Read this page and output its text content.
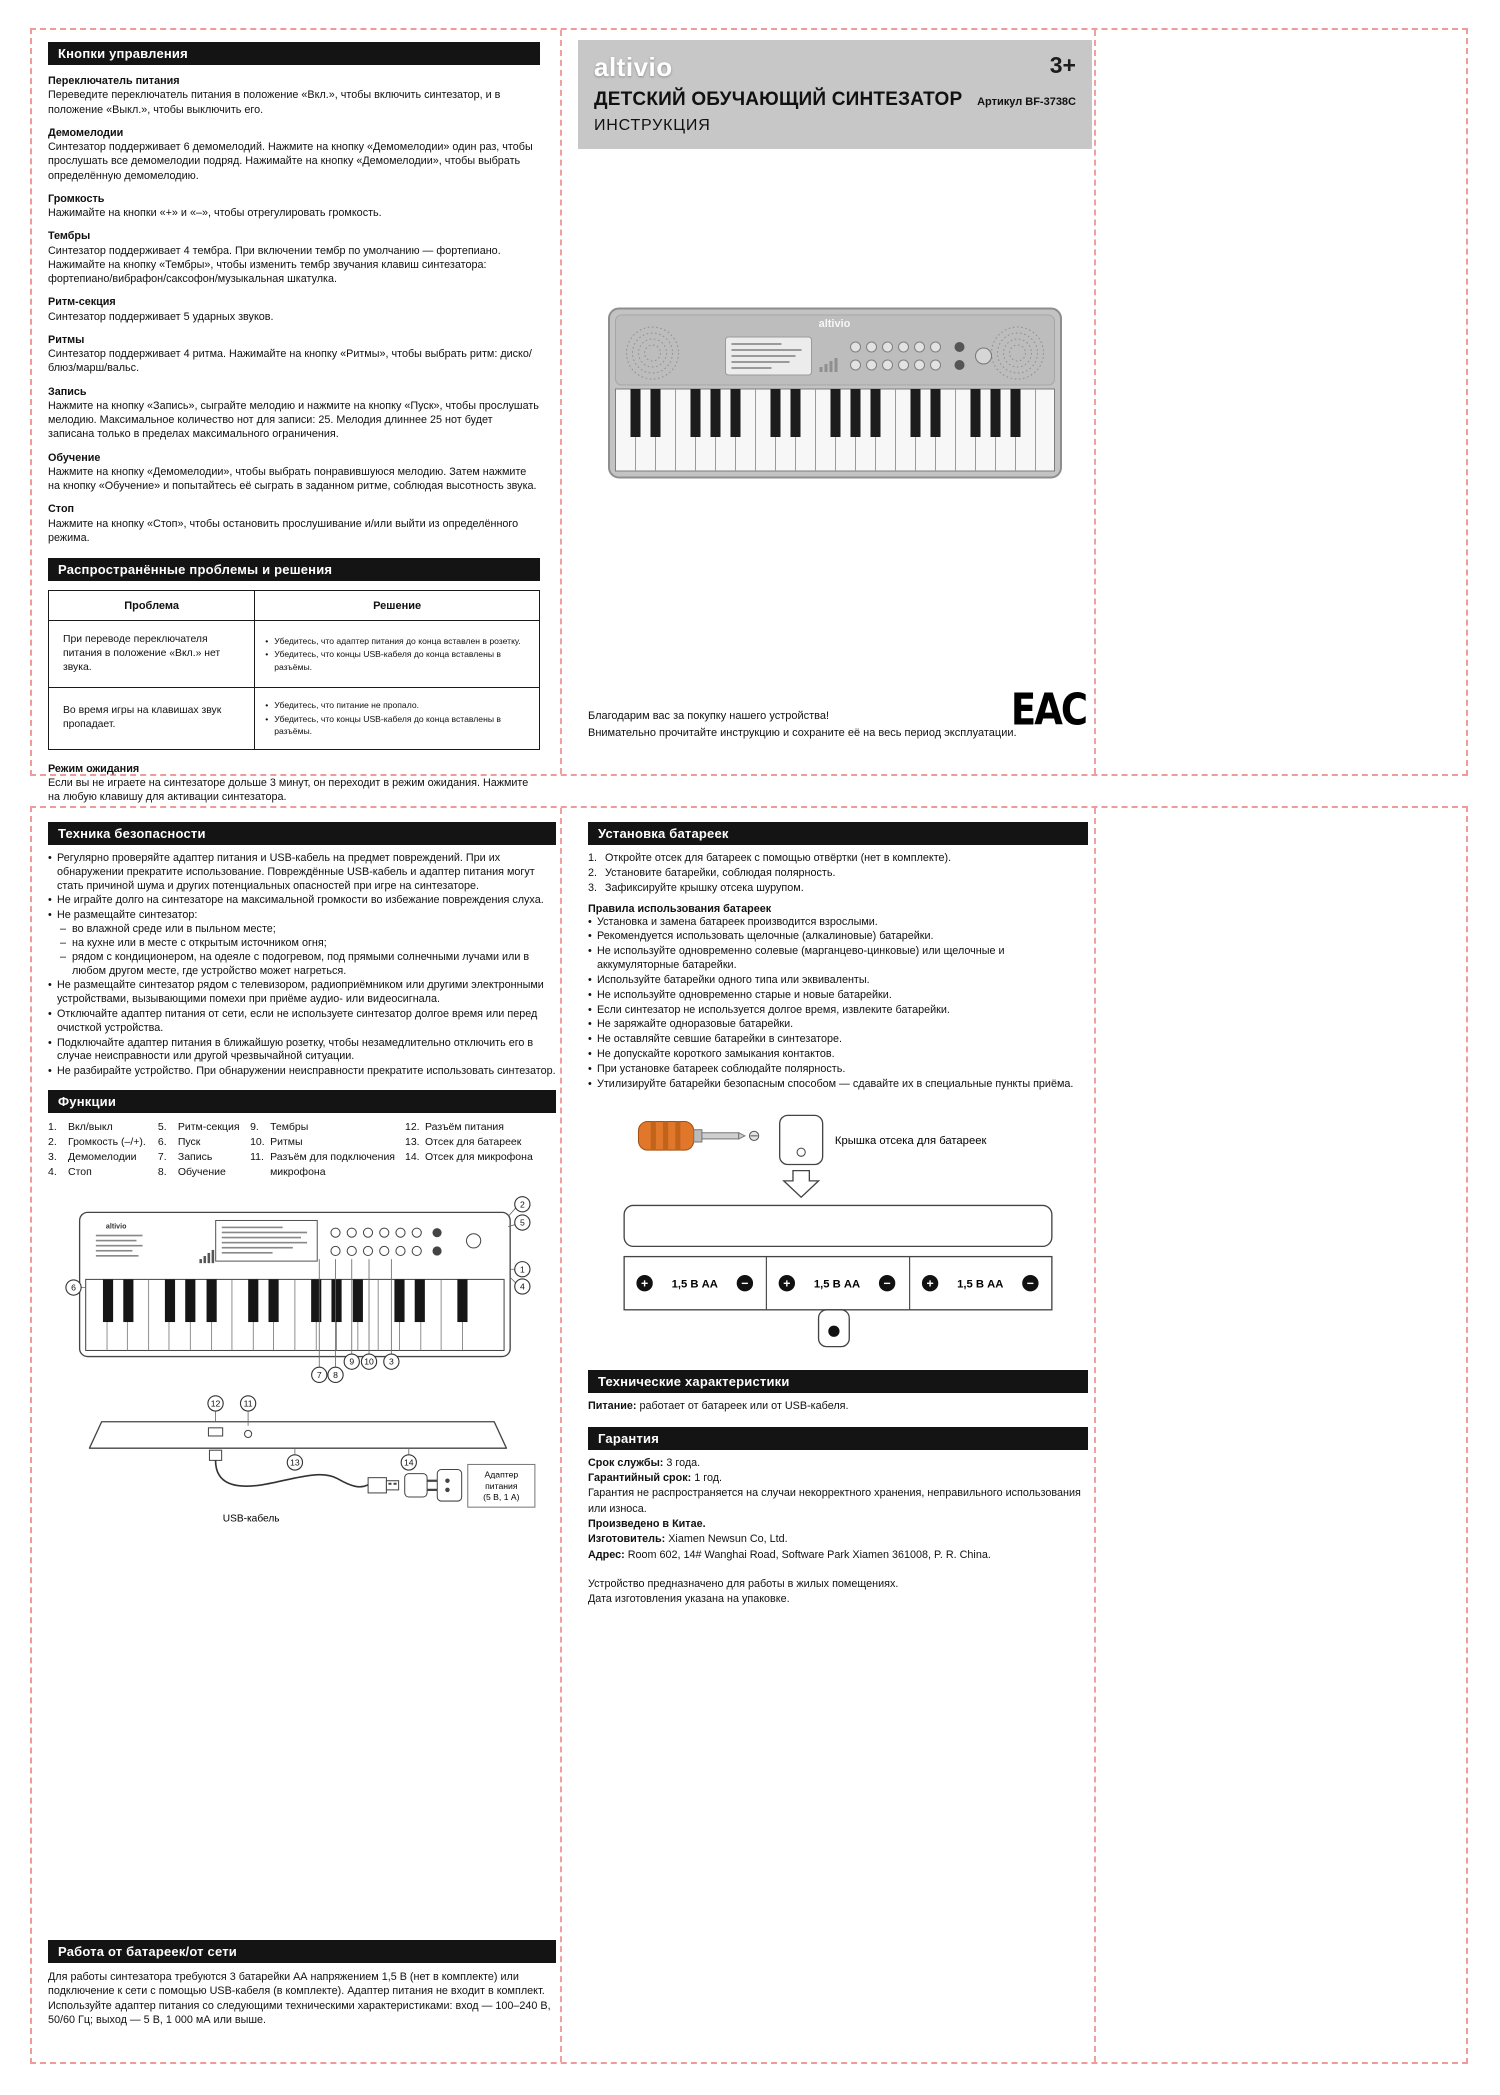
Кнопки управления
Переключатель питания
Переведите переключатель питания в положение «Вкл.», чтобы включить синтезатор, и в положение «Выкл.», чтобы выключить его.
Демомелодии
Синтезатор поддерживает 6 демомелодий. Нажмите на кнопку «Демомелодии» один раз, чтобы прослушать все демомелодии подряд. Нажимайте на кнопку «Демомелодии», чтобы выбрать определённую демомелодию.
Громкость
Нажимайте на кнопки «+» и «–», чтобы отрегулировать громкость.
Тембры
Синтезатор поддерживает 4 тембра. При включении тембр по умолчанию — фортепиано. Нажимайте на кнопку «Тембры», чтобы изменить тембр звучания клавиш синтезатора: фортепиано/вибрафон/саксофон/музыкальная шкатулка.
Ритм-секция
Синтезатор поддерживает 5 ударных звуков.
Ритмы
Синтезатор поддерживает 4 ритма. Нажимайте на кнопку «Ритмы», чтобы выбрать ритм: диско/блюз/марш/вальс.
Запись
Нажмите на кнопку «Запись», сыграйте мелодию и нажмите на кнопку «Пуск», чтобы прослушать мелодию. Максимальное количество нот для записи: 25. Мелодия длиннее 25 нот будет записана только в пределах максимального ограничения.
Обучение
Нажмите на кнопку «Демомелодии», чтобы выбрать понравившуюся мелодию. Затем нажмите на кнопку «Обучение» и попытайтесь её сыграть в заданном ритме, соблюдая высотность звука.
Стоп
Нажмите на кнопку «Стоп», чтобы остановить прослушивание и/или выйти из определённого режима.
Распространённые проблемы и решения
Проблема	Решение
При переводе переключателя питания в положение «Вкл.» нет звука.	• Убедитесь, что адаптер питания до конца вставлен в розетку.
• Убедитесь, что концы USB-кабеля до конца вставлены в разъёмы.

Во время игры на клавишах звук пропадает.	• Убедитесь, что питание не пропало.
• Убедитесь, что концы USB-кабеля до конца вставлены в разъёмы.
Режим ожидания
Если вы не играете на синтезаторе дольше 3 минут, он переходит в режим ожидания. Нажмите на любую клавишу для активации синтезатора.
altivio	3+
ДЕТСКИЙ ОБУЧАЮЩИЙ СИНТЕЗАТОР Артикул BF-3738C
ИНСТРУКЦИЯ
altivio
Благодарим вас за покупку нашего устройства!
Внимательно прочитайте инструкцию и сохраните её на весь период эксплуатации.
ЕАС
Техника безопасности
• Регулярно проверяйте адаптер питания и USB-кабель на предмет повреждений. При их обнаружении прекратите использование. Повреждённые USB-кабель и адаптер питания могут стать причиной шума и других потенциальных опасностей при игре на синтезаторе.
• Не играйте долго на синтезаторе на максимальной громкости во избежание повреждения слуха.
• Не размещайте синтезатор:
– во влажной среде или в пыльном месте;
– на кухне или в месте с открытым источником огня;
– рядом с кондиционером, на одеяле с подогревом, под прямыми солнечными лучами или в любом другом месте, где устройство может нагреться.
• Не размещайте синтезатор рядом с телевизором, радиоприёмником или другими электронными устройствами, вызывающими помехи при приёме аудио- или видеосигнала.
• Отключайте адаптер питания от сети, если не используете синтезатор долгое время или перед очисткой устройства.
• Подключайте адаптер питания в ближайшую розетку, чтобы незамедлительно отключить его в случае неисправности или другой чрезвычайной ситуации.
• Не разбирайте устройство. При обнаружении неисправности прекратите использовать синтезатор.
Функции
1.	Вкл/выкл
2.	Громкость (–/+).
3.	Демомелодии
4.	Стоп
5.	Ритм-секция
6.	Пуск
7.	Запись
8.	Обучение
9.	Тембры
10. Ритмы
11. Разъём для подключения микрофона
12. Разъём питания
13. Отсек для батареек
14. Отсек для микрофона
altivio
2
5
1
4
6
7 8
9 10 3
12	11
13	14
Адаптер
питания
(5 В, 1 А)
USB-кабель
Работа от батареек/от сети
Для работы синтезатора требуются 3 батарейки АА напряжением 1,5 В (нет в комплекте) или подключение к сети с помощью USB-кабеля (в комплекте). Адаптер питания не входит в комплект. Используйте адаптер питания со следующими техническими характеристиками: вход — 100–240 В, 50/60 Гц; выход — 5 В, 1 000 мА или выше.
Установка батареек
1. Откройте отсек для батареек с помощью отвёртки (нет в комплекте).
2. Установите батарейки, соблюдая полярность.
3. Зафиксируйте крышку отсека шурупом.
Правила использования батареек
• Установка и замена батареек производится взрослыми.
• Рекомендуется использовать щелочные (алкалиновые) батарейки.
• Не используйте одновременно солевые (марганцево-цинковые) или щелочные и аккумуляторные батарейки.
• Используйте батарейки одного типа или эквиваленты.
• Не используйте одновременно старые и новые батарейки.
• Если синтезатор не используется долгое время, извлеките батарейки.
• Не заряжайте одноразовые батарейки.
• Не оставляйте севшие батарейки в синтезаторе.
• Не допускайте короткого замыкания контактов.
• При установке батареек соблюдайте полярность.
• Утилизируйте батарейки безопасным способом — сдавайте их в специальные пункты приёма.
Крышка отсека для батареек
+ 1,5 В АА −	+ 1,5 В АА −	+ 1,5 В АА −
Технические характеристики
Питание: работает от батареек или от USB-кабеля.
Гарантия
Срок службы: 3 года.
Гарантийный срок: 1 год.
Гарантия не распространяется на случаи некорректного хранения, неправильного использования или износа.
Произведено в Китае.
Изготовитель: Xiamen Newsun Co, Ltd.
Адрес: Room 602, 14# Wanghai Road, Software Park Xiamen 361008, P. R. China.
Устройство предназначено для работы в жилых помещениях.
Дата изготовления указана на упаковке.
